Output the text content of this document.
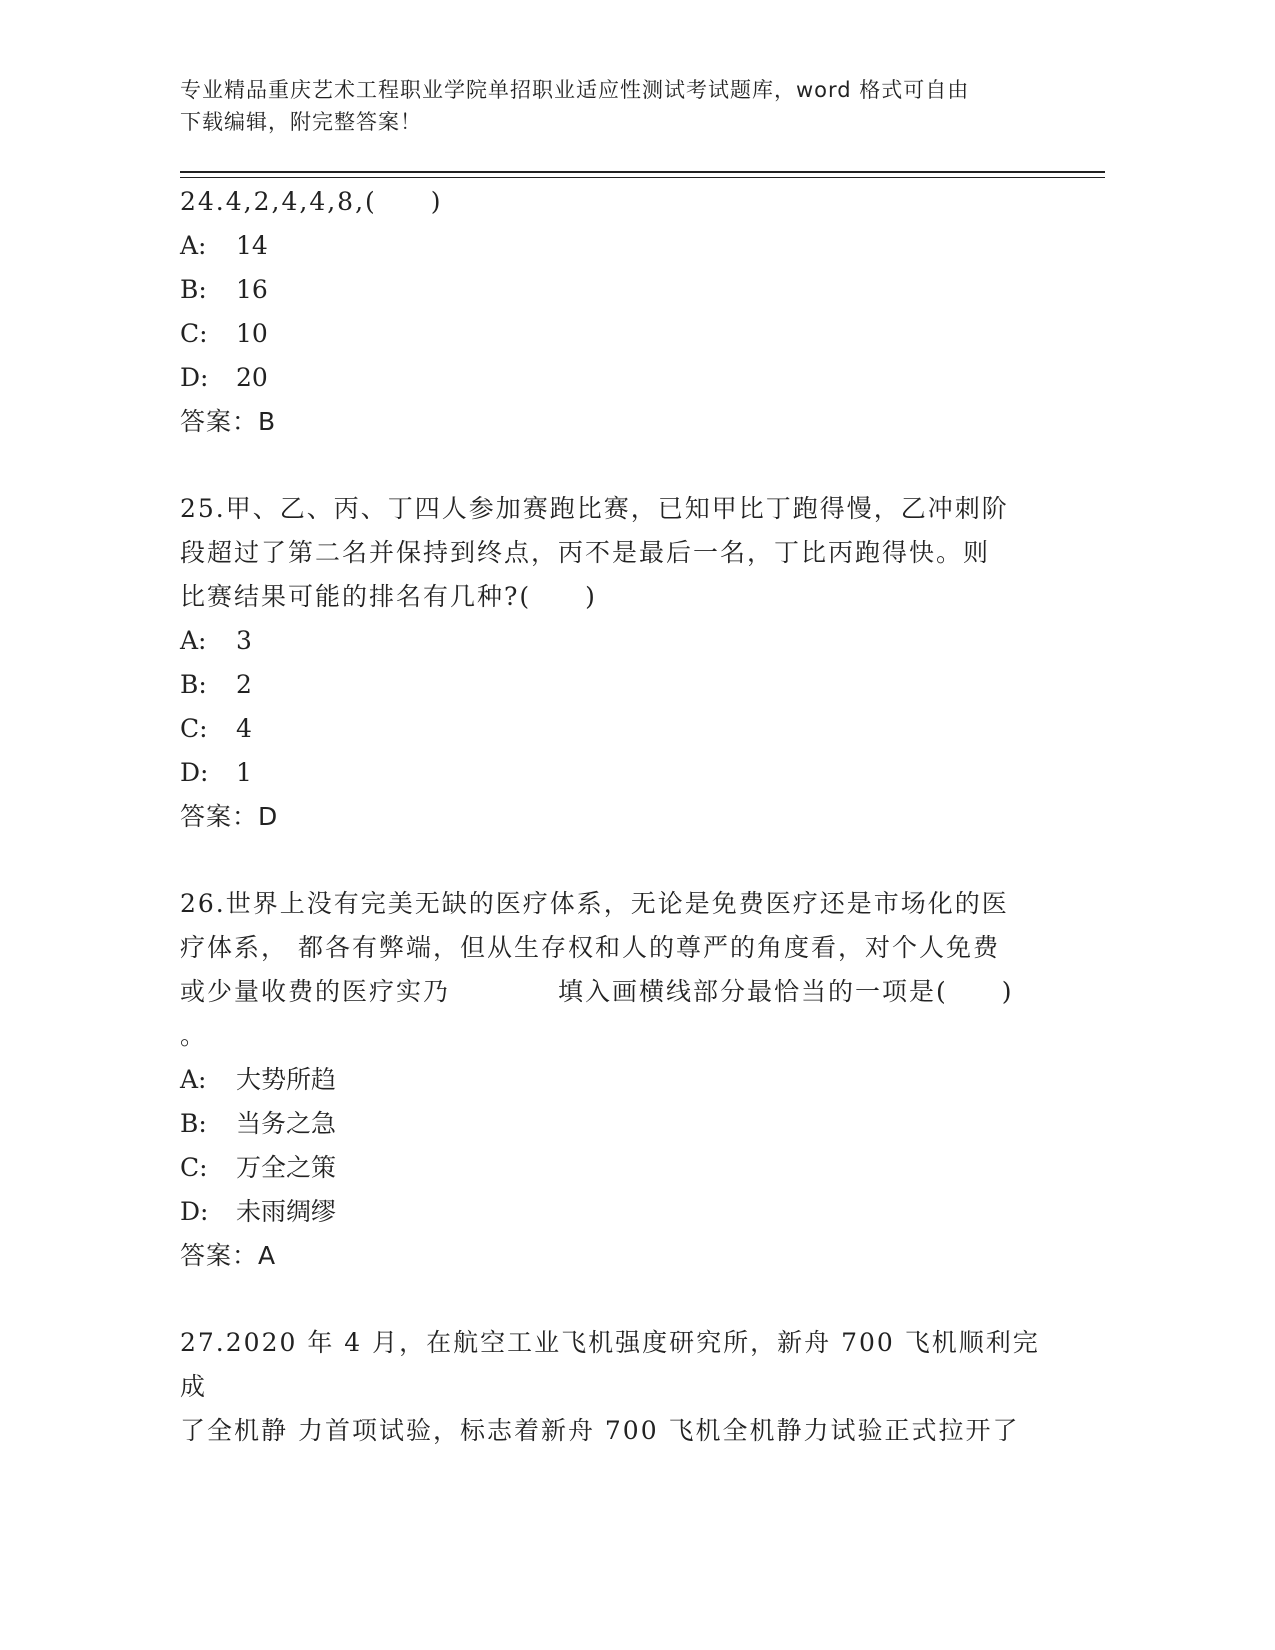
专业精品重庆艺术工程职业学院单招职业适应性测试考试题库，word 格式可自由
下载编辑，附完整答案！

24.4,2,4,4,8,(　　)

A: 14

B: 16

C: 10

D: 20

答案：B

25.甲、乙、丙、丁四人参加赛跑比赛，已知甲比丁跑得慢，乙冲刺阶

段超过了第二名并保持到终点，丙不是最后一名，丁比丙跑得快。则

比赛结果可能的排名有几种?(　　)

A: 3

B: 2

C: 4

D: 1

答案：D

26.世界上没有完美无缺的医疗体系，无论是免费医疗还是市场化的医

疗体系， 都各有弊端，但从生存权和人的尊严的角度看，对个人免费

或少量收费的医疗实乃　　　　填入画横线部分最恰当的一项是(　　)

。

A: 大势所趋

B: 当务之急

C: 万全之策

D: 未雨绸缪

答案：A

27.2020 年 4 月，在航空工业飞机强度研究所，新舟 700 飞机顺利完成

了全机静 力首项试验，标志着新舟 700 飞机全机静力试验正式拉开了
